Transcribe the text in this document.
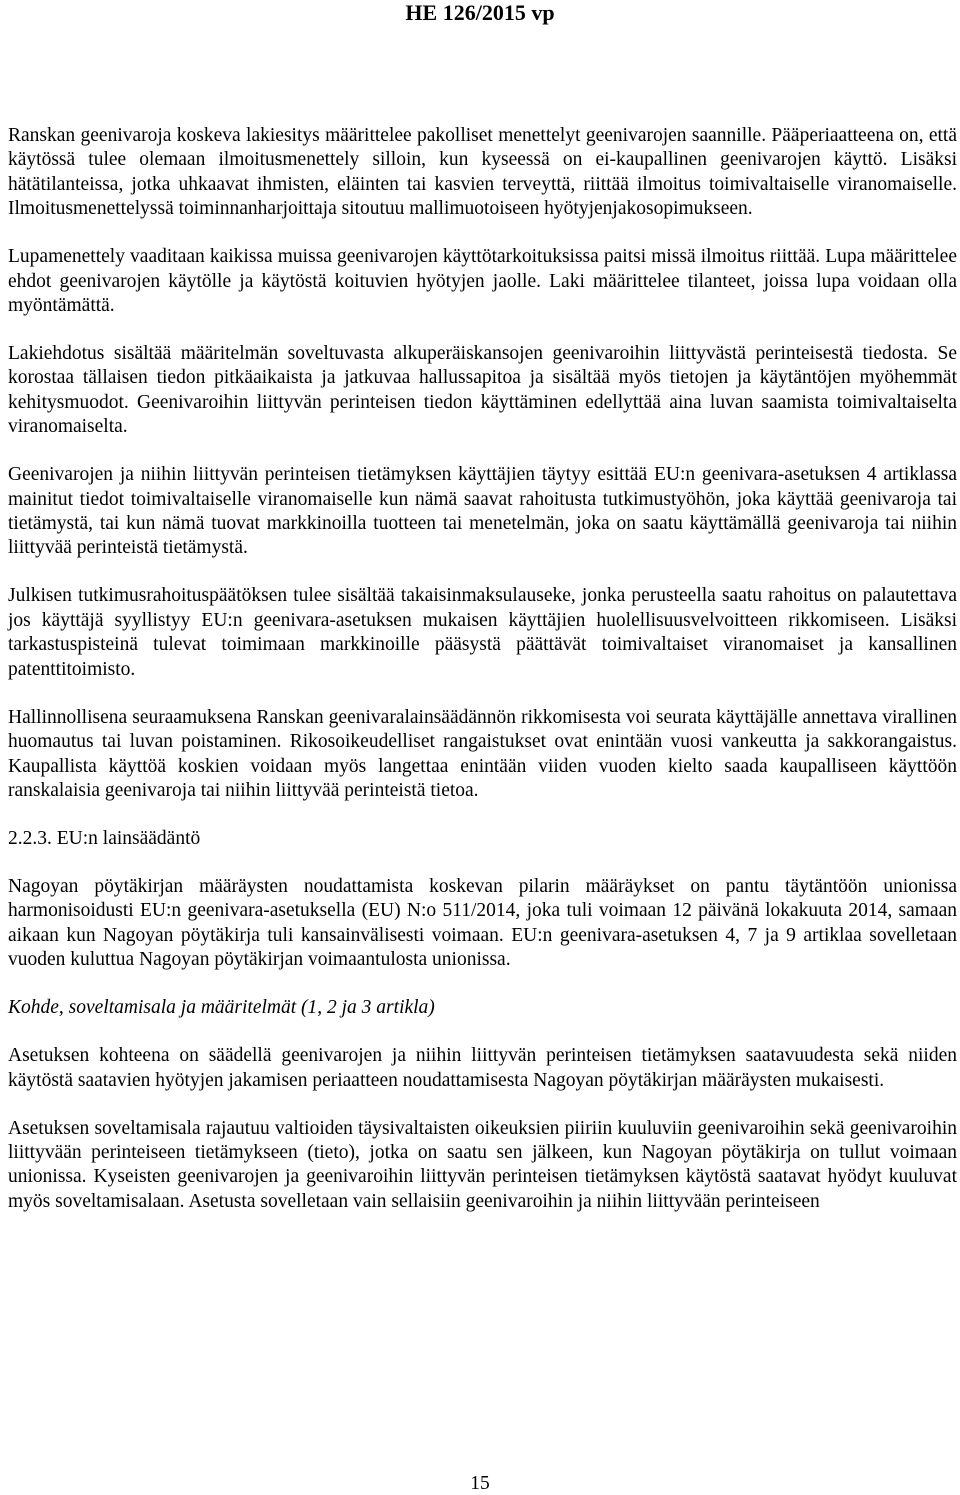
HE 126/2015 vp

Ranskan geenivaroja koskeva lakiesitys määrittelee pakolliset menettelyt geenivarojen saannille. Pääperiaatteena on, että käytössä tulee olemaan ilmoitusmenettely silloin, kun kyseessä on ei-kaupallinen geenivarojen käyttö. Lisäksi hätätilanteissa, jotka uhkaavat ihmisten, eläinten tai kasvien terveyttä, riittää ilmoitus toimivaltaiselle viranomaiselle. Ilmoitusmenettelyssä toiminnanharjoittaja sitoutuu mallimuotoiseen hyötyjenjakosopimukseen.

Lupamenettely vaaditaan kaikissa muissa geenivarojen käyttötarkoituksissa paitsi missä ilmoitus riittää. Lupa määrittelee ehdot geenivarojen käytölle ja käytöstä koituvien hyötyjen jaolle. Laki määrittelee tilanteet, joissa lupa voidaan olla myöntämättä.

Lakiehdotus sisältää määritelmän soveltuvasta alkuperäiskansojen geenivaroihin liittyvästä perinteisestä tiedosta. Se korostaa tällaisen tiedon pitkäaikaista ja jatkuvaa hallussapitoa ja sisältää myös tietojen ja käytäntöjen myöhemmät kehitysmuodot. Geenivaroihin liittyvän perinteisen tiedon käyttäminen edellyttää aina luvan saamista toimivaltaiselta viranomaiselta.

Geenivarojen ja niihin liittyvän perinteisen tietämyksen käyttäjien täytyy esittää EU:n geenivara-asetuksen 4 artiklassa mainitut tiedot toimivaltaiselle viranomaiselle kun nämä saavat rahoitusta tutkimustyöhön, joka käyttää geenivaroja tai tietämystä, tai kun nämä tuovat markkinoilla tuotteen tai menetelmän, joka on saatu käyttämällä geenivaroja tai niihin liittyvää perinteistä tietämystä.

Julkisen tutkimusrahoituspäätöksen tulee sisältää takaisinmaksulauseke, jonka perusteella saatu rahoitus on palautettava jos käyttäjä syyllistyy EU:n geenivara-asetuksen mukaisen käyttäjien huolellisuusvelvoitteen rikkomiseen. Lisäksi tarkastuspisteinä tulevat toimimaan markkinoille pääsystä päättävät toimivaltaiset viranomaiset ja kansallinen patenttitoimisto.

Hallinnollisena seuraamuksena Ranskan geenivaralainsäädännön rikkomisesta voi seurata käyttäjälle annettava virallinen huomautus tai luvan poistaminen. Rikosoikeudelliset rangaistukset ovat enintään vuosi vankeutta ja sakkorangaistus. Kaupallista käyttöä koskien voidaan myös langettaa enintään viiden vuoden kielto saada kaupalliseen käyttöön ranskalaisia geenivaroja tai niihin liittyvää perinteistä tietoa.

2.2.3. EU:n lainsäädäntö

Nagoyan pöytäkirjan määräysten noudattamista koskevan pilarin määräykset on pantu täytäntöön unionissa harmonisoidusti EU:n geenivara-asetuksella (EU) N:o 511/2014, joka tuli voimaan 12 päivänä lokakuuta 2014, samaan aikaan kun Nagoyan pöytäkirja tuli kansainvälisesti voimaan. EU:n geenivara-asetuksen 4, 7 ja 9 artiklaa sovelletaan vuoden kuluttua Nagoyan pöytäkirjan voimaantulosta unionissa.

Kohde, soveltamisala ja määritelmät (1, 2 ja 3 artikla)

Asetuksen kohteena on säädellä geenivarojen ja niihin liittyvän perinteisen tietämyksen saatavuudesta sekä niiden käytöstä saatavien hyötyjen jakamisen periaatteen noudattamisesta Nagoyan pöytäkirjan määräysten mukaisesti.

Asetuksen soveltamisala rajautuu valtioiden täysivaltaisten oikeuksien piiriin kuuluviin geenivaroihin sekä geenivaroihin liittyvään perinteiseen tietämykseen (tieto), jotka on saatu sen jälkeen, kun Nagoyan pöytäkirja on tullut voimaan unionissa. Kyseisten geenivarojen ja geenivaroihin liittyvän perinteisen tietämyksen käytöstä saatavat hyödyt kuuluvat myös soveltamisalaan. Asetusta sovelletaan vain sellaisiin geenivaroihin ja niihin liittyvään perinteiseen

15
